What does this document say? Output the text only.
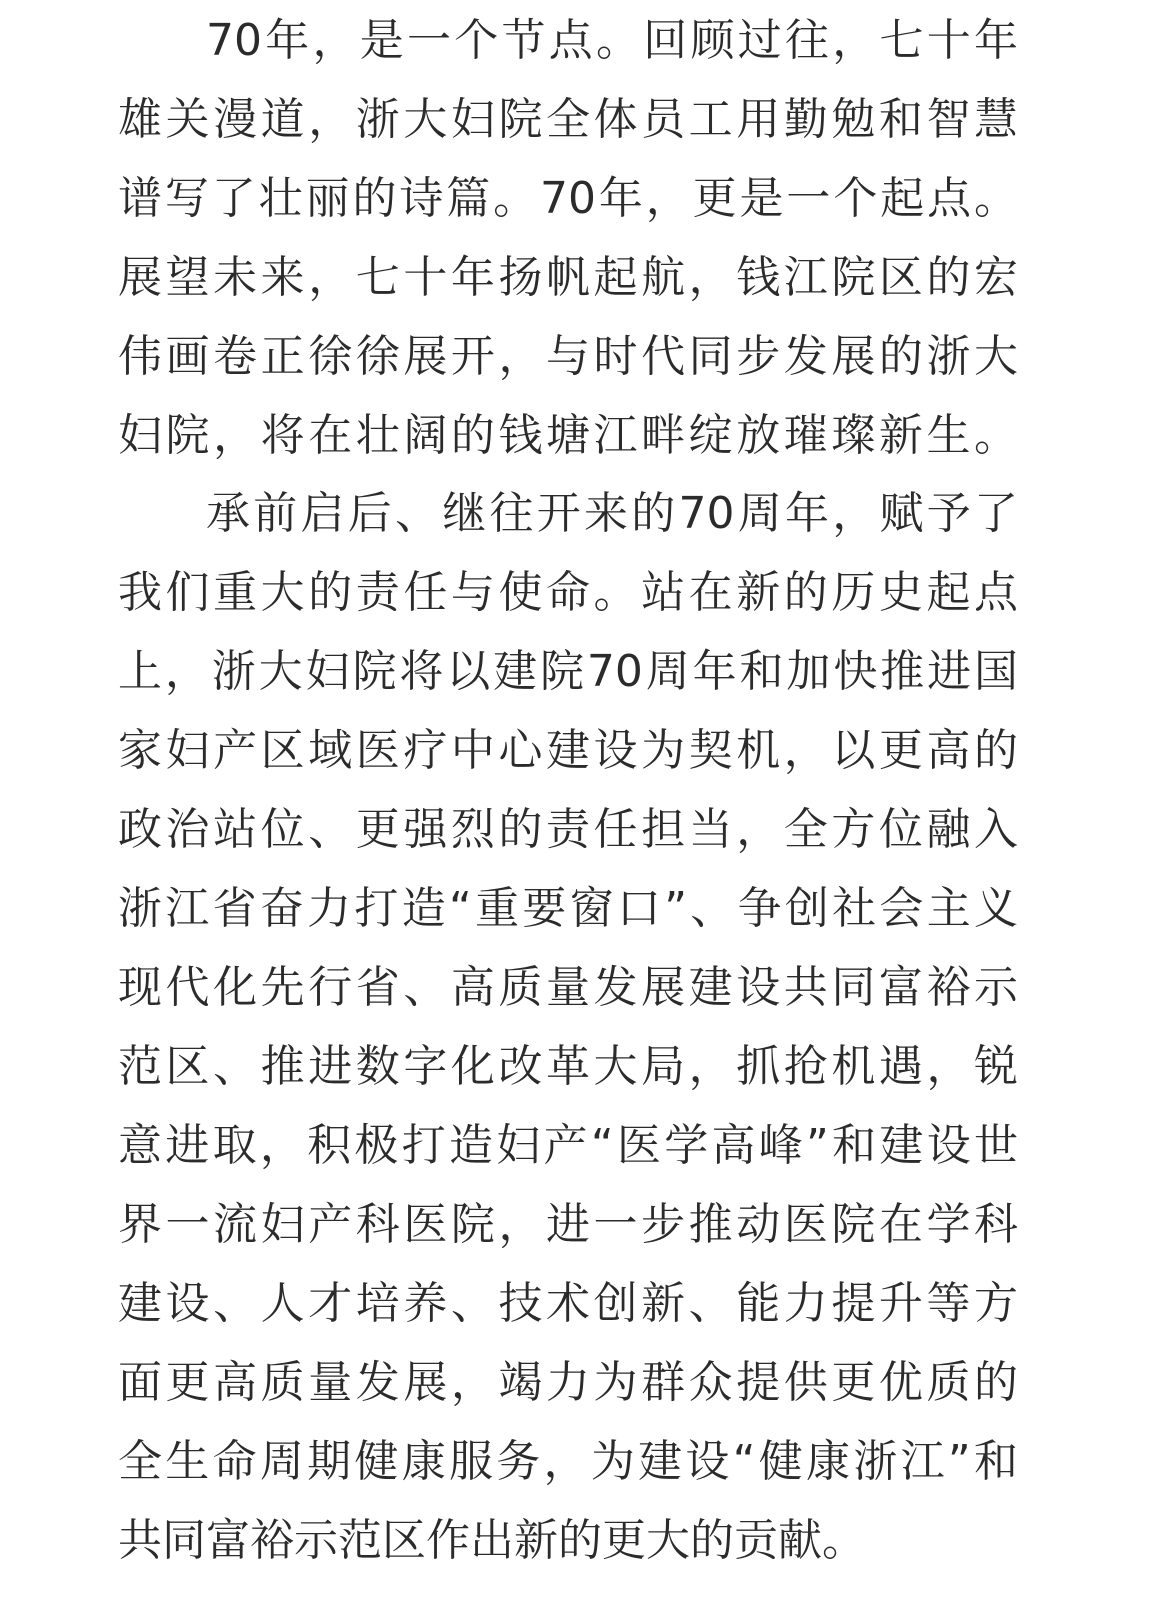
70年，是一个节点。回顾过往，七十年
雄关漫道，浙大妇院全体员工用勤勉和智慧
谱写了壮丽的诗篇。70年，更是一个起点。
展望未来，七十年扬帆起航，钱江院区的宏
伟画卷正徐徐展开，与时代同步发展的浙大
妇院，将在壮阔的钱塘江畔绽放璀璨新生。
承前启后、继往开来的70周年，赋予了
我们重大的责任与使命。站在新的历史起点
上，浙大妇院将以建院70周年和加快推进国
家妇产区域医疗中心建设为契机，以更高的
政治站位、更强烈的责任担当，全方位融入
浙江省奋力打造“重要窗口”、争创社会主义
现代化先行省、高质量发展建设共同富裕示
范区、推进数字化改革大局，抓抢机遇，锐
意进取，积极打造妇产“医学高峰”和建设世
界一流妇产科医院，进一步推动医院在学科
建设、人才培养、技术创新、能力提升等方
面更高质量发展，竭力为群众提供更优质的
全生命周期健康服务，为建设“健康浙江”和
共同富裕示范区作出新的更大的贡献。
